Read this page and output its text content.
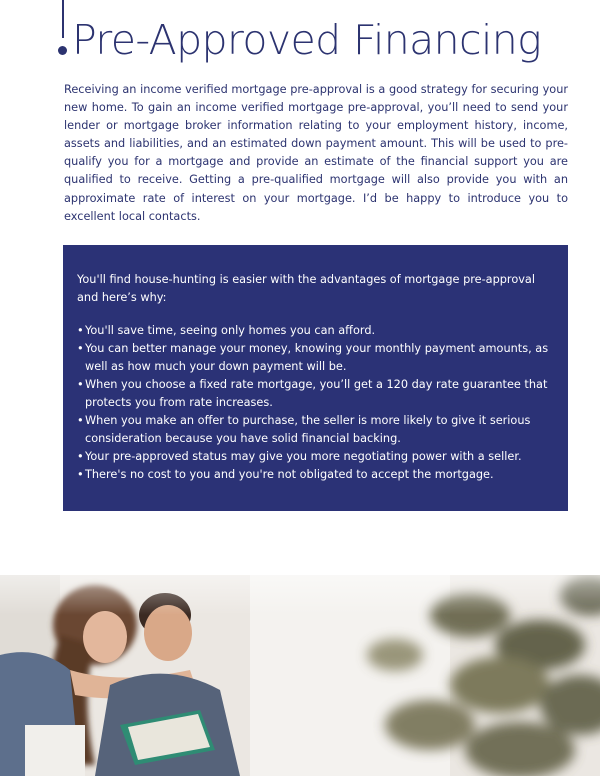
Pre-Approved Financing

Receiving an income verified mortgage pre-approval is a good strategy for securing your new home. To gain an income verified mortgage pre-approval, you’ll need to send your lender or mortgage broker information relating to your employment history, income, assets and liabilities, and an estimated down payment amount. This will be used to pre-qualify you for a mortgage and provide an estimate of the financial support you are qualified to receive. Getting a pre-qualified mortgage will also provide you with an approximate rate of interest on your mortgage. I’d be happy to introduce you to excellent local contacts.

You'll find house-hunting is easier with the advantages of mortgage pre-approval and here’s why:

• You'll save time, seeing only homes you can afford.
• You can better manage your money, knowing your monthly payment amounts, as well as how much your down payment will be.
• When you choose a fixed rate mortgage, you’ll get a 120 day rate guarantee that protects you from rate increases.
• When you make an offer to purchase, the seller is more likely to give it serious consideration because you have solid financial backing.
• Your pre-approved status may give you more negotiating power with a seller.
• There's no cost to you and you're not obligated to accept the mortgage.
